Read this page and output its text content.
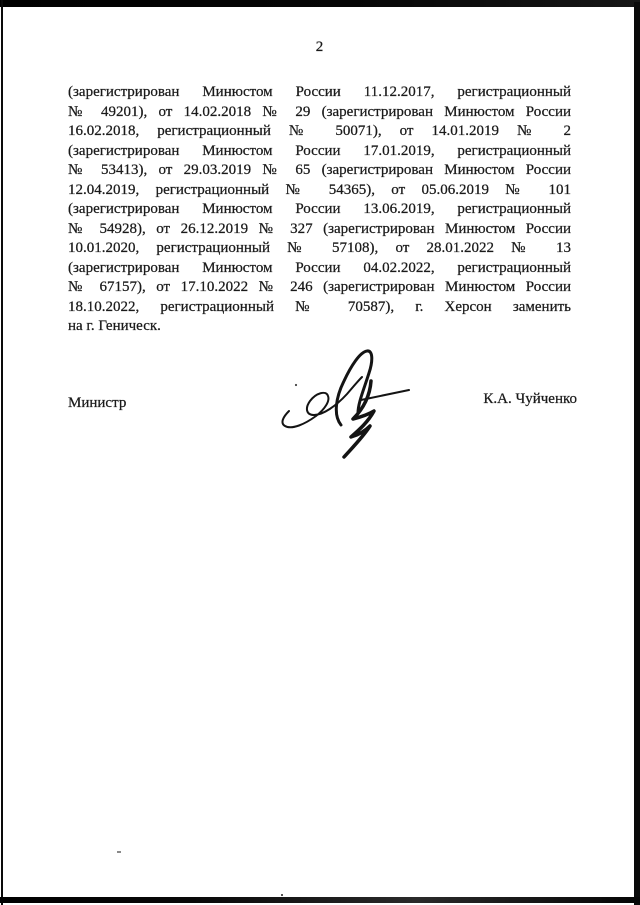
2
(зарегистрирован Минюстом России 11.12.2017, регистрационный
№ 49201), от 14.02.2018 № 29 (зарегистрирован Минюстом России
16.02.2018, регистрационный № 50071), от 14.01.2019 № 2
(зарегистрирован Минюстом России 17.01.2019, регистрационный
№ 53413), от 29.03.2019 № 65 (зарегистрирован Минюстом России
12.04.2019, регистрационный № 54365), от 05.06.2019 № 101
(зарегистрирован Минюстом России 13.06.2019, регистрационный
№ 54928), от 26.12.2019 № 327 (зарегистрирован Минюстом России
10.01.2020, регистрационный № 57108), от 28.01.2022 № 13
(зарегистрирован Минюстом России 04.02.2022, регистрационный
№ 67157), от 17.10.2022 № 246 (зарегистрирован Минюстом России
18.10.2022, регистрационный № 70587), г. Херсон заменить
на г. Геническ.
Министр	К.А. Чуйченко
